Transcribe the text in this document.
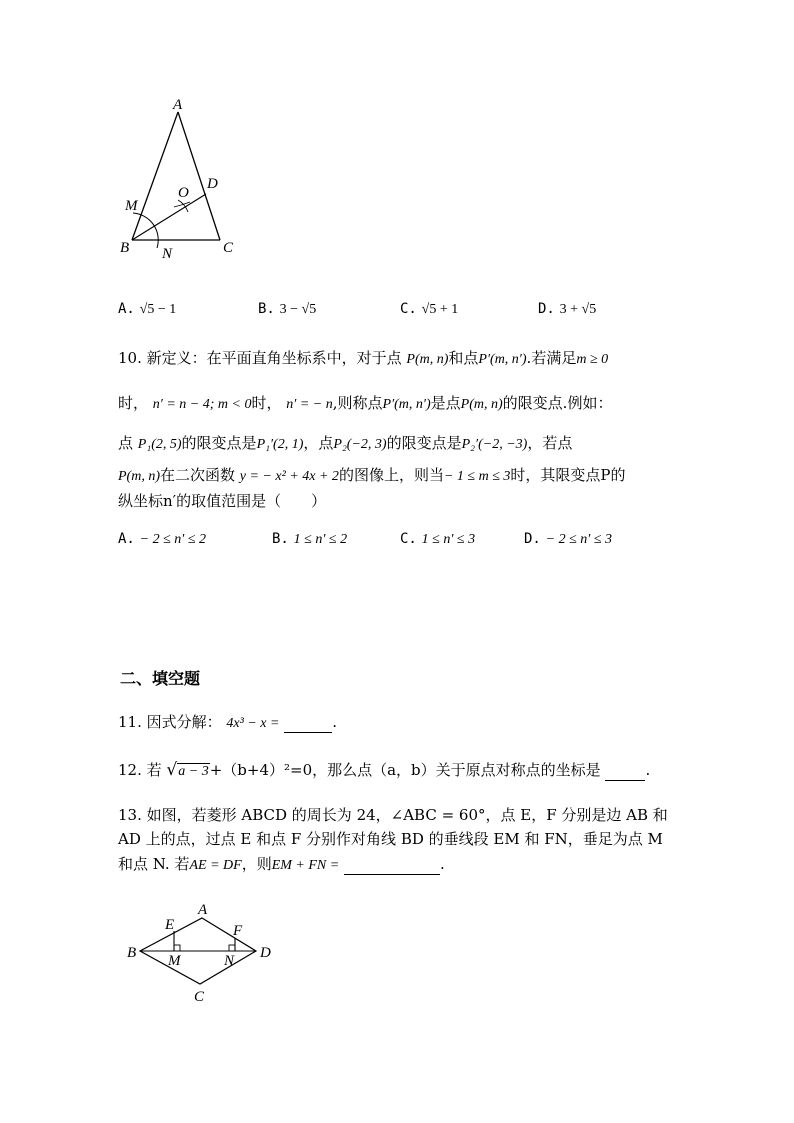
A
B	C
D
M
N
O
A. √5 − 1	B. 3 − √5	C. √5 + 1	D. 3 + √5
10. 新定义：在平面直角坐标系中，对于点 P(m, n)和点P′(m, n′).若满足m ≥ 0
时， n′ = n − 4; m < 0时， n′ = − n,则称点P′(m, n′)是点P(m, n)的限变点.例如：
点 P₁(2, 5)的限变点是P₁′(2, 1)，点P₂(−2, 3)的限变点是P₂′(−2, −3)，若点
P(m, n)在二次函数 y = − x² + 4x + 2的图像上，则当− 1 ≤ m ≤ 3时，其限变点P的
纵坐标n′的取值范围是（　　）
A. − 2 ≤ n′ ≤ 2	B. 1 ≤ n′ ≤ 2	C. 1 ≤ n′ ≤ 3	D. − 2 ≤ n′ ≤ 3
二、填空题
11. 因式分解： 4x³ − x =	.
12. 若 √a − 3+（b+4）²=0，那么点（a，b）关于原点对称点的坐标是	.
13. 如图，若菱形 ABCD 的周长为 24，∠ABC = 60°，点 E，F 分别是边 AB 和
AD 上的点，过点 E 和点 F 分别作对角线 BD 的垂线段 EM 和 FN，垂足为点 M
和点 N. 若AE = DF，则EM + FN =	.
A
B
C
D
E	F
M	N
